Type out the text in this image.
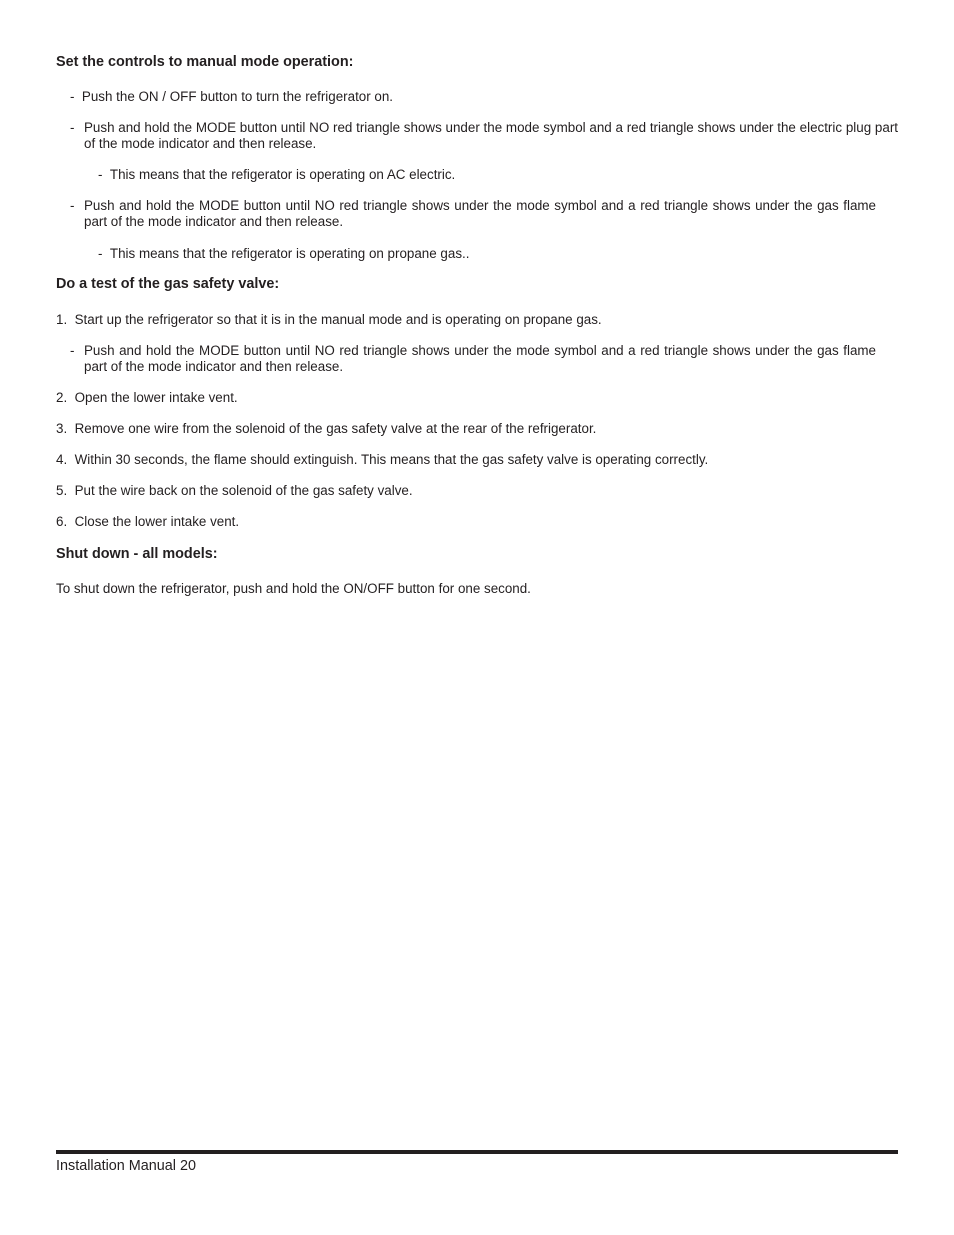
Set the controls to manual mode operation:
- Push the ON / OFF button to turn the refrigerator on.
- Push and hold the MODE button until NO red triangle shows under the mode symbol and a red triangle shows under the electric plug part of the mode indicator and then release.
- This means that the refigerator is operating on AC electric.
- Push and hold the MODE button until NO red triangle shows under the mode symbol and a red triangle shows under the gas flame part of the mode indicator and then release.
- This means that the refigerator is operating on propane gas..
Do a test of the gas safety valve:
1. Start up the refrigerator so that it is in the manual mode and is operating on propane gas.
- Push and hold the MODE button until NO red triangle shows under the mode symbol and a red triangle shows under the gas flame part of the mode indicator and then release.
2. Open the lower intake vent.
3. Remove one wire from the solenoid of the gas safety valve at the rear of the refrigerator.
4. Within 30 seconds, the flame should extinguish. This means that the gas safety valve is operating correctly.
5. Put the wire back on the solenoid of the gas safety valve.
6. Close the lower intake vent.
Shut down - all models:
To shut down the refrigerator, push and hold the ON/OFF button for one second.
Installation Manual 20
